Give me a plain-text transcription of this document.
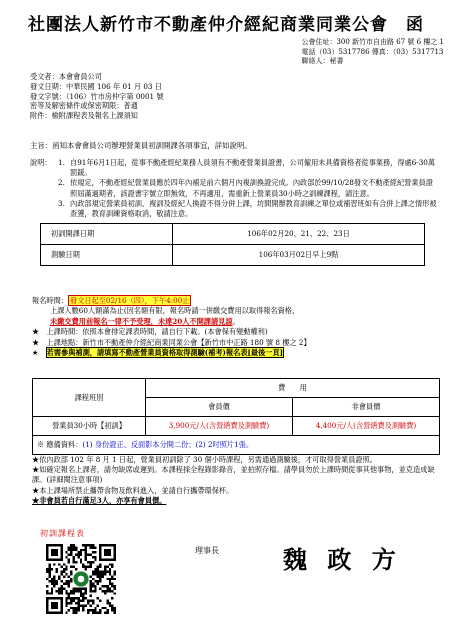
社團法人新竹市不動產仲介經紀商業同業公會 函
公會住址：300 新竹市自由路 67 號 6 樓之 1
電話（03）5317786 傳真：（03）5317713
聯絡人：秘書
受文者：本會會員公司
發文日期：中華民國 106 年 01 月 03 日
發文字號：（106）竹市房仲字第 0001 號
密等及解密條件或保密期限：普通
附件：檢附課程表及報名上課須知
主旨：函知本會會員公司辦理營業員初訓開課各項事宜，詳如說明。
說明： 1. 自91年6月1日起，從事不動產經紀業務人員須有不動產營業員證書，公司僱用未具備資格者從事業務，得處6-30萬罰鍰。
2. 依規定，不動產經紀營業員應於四年內補足前六個月內複訓換證完成。內政部於99/10/28發文不動產經紀營業員證照屆滿過期者，該證書字號立即無效，不再適用，需重新上營業員30小時之訓練課程，請注意。
3. 內政部規定營業員初訓、複訓及經紀人換證不得分併上課，坊間開辦教育訓練之單位或補習班如有合併上課之情形被查獲，教育訓練資格取消，敬請注意。
初訓開課日期	106年02月20、21、22、23日
測驗日期	106年03月02日早上9點
報名時間： 發文日起至02/16（四），下午4:00止
上課人數60人額滿為止(因名額有限，報名時請一併繳交費用以取得報名資格，
未繳交費用前報名一律不予受理，未達20人不開課請見諒。
★　上課時間：依照本會排定課表時間，請自行下載。(本會保有變動權利)
★　上課地點：新竹市不動產仲介經紀商業同業公會【新竹市中正路 180 號 8 樓之 2】
★　若需參與補測，請填寫不動產營業員資格取得測驗(補考)報名表[最後一頁]
課程班別	費　　用	
	會員價	非會員價
營業員30小時【初訓】	3,900元/人(含營繕費及測驗費)	4,400元/人(含營繕費及測驗費)
※ 應備資料：(1) 身份證正、反面影本分開二份；(2) 2吋照片1張。		
★依內政部 102 年 8 月 1 日起，營業員初訓除了 30 個小時課程，另需通過測驗後，才可取得營業員證照。
★如確定報名上課者，請勿缺席或遲到。本課程採全程錄影錄音，並拍照存檔。請學員勿於上課時間從事其他事物，並克造成缺課。(詳細閱注意事項)
★本上課場所禁止攜帶食物及飲料進入，並請自行攜帶環保杯。
★非會員若自行滿足3人，亦享有會員價。
初訓課程表
理事長	魏 政 方
